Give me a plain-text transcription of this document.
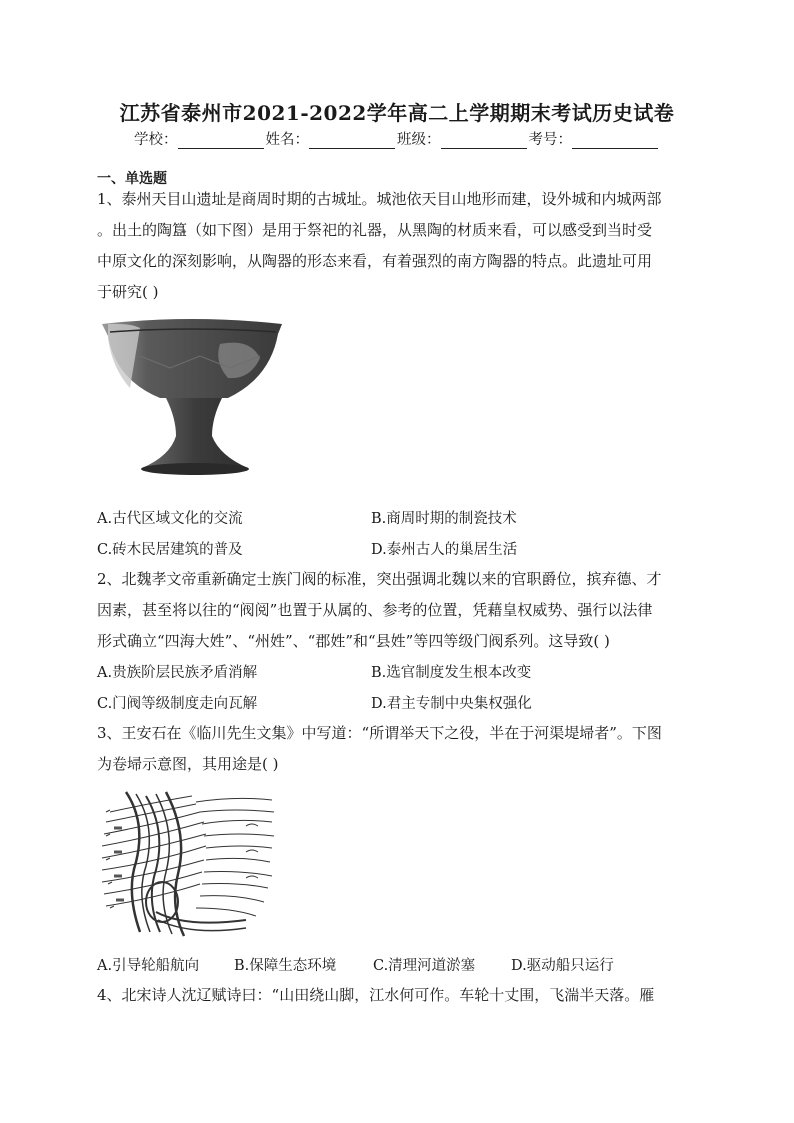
江苏省泰州市2021-2022学年高二上学期期末考试历史试卷
学校：	姓名：	班级：	考号：
一、单选题
1、泰州天目山遗址是商周时期的古城址。城池依天目山地形而建，设外城和内城两部
。出土的陶簋（如下图）是用于祭祀的礼器，从黑陶的材质来看，可以感受到当时受
中原文化的深刻影响，从陶器的形态来看，有着强烈的南方陶器的特点。此遗址可用
于研究( )
A.古代区域文化的交流	B.商周时期的制瓷技术
C.砖木民居建筑的普及	D.泰州古人的巢居生活
2、北魏孝文帝重新确定士族门阀的标准，突出强调北魏以来的官职爵位，摈弃德、才
因素，甚至将以往的“阀阅”也置于从属的、参考的位置，凭藉皇权威势、强行以法律
形式确立“四海大姓”、“州姓”、“郡姓”和“县姓”等四等级门阀系列。这导致( )
A.贵族阶层民族矛盾消解	B.选官制度发生根本改变
C.门阀等级制度走向瓦解	D.君主专制中央集权强化
3、王安石在《临川先生文集》中写道：“所谓举天下之役，半在于河渠堤埽者”。下图
为卷埽示意图，其用途是( )
A.引导轮船航向 B.保障生态环境	C.清理河道淤塞 D.驱动船只运行
4、北宋诗人沈辽赋诗曰：“山田绕山脚，江水何可作。车轮十丈围，飞湍半天落。雁
